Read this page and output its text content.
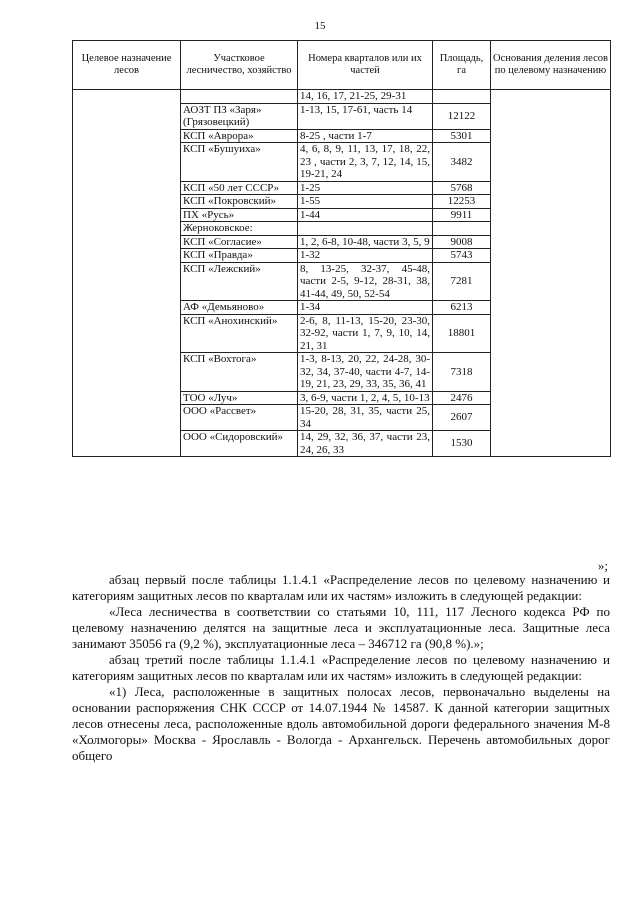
15
Целевое назначение лесов	Участковое лесничество, хозяйство	Номера кварталов или их частей	Площадь, га	Основания деления лесов по целевому назначению
		14, 16, 17, 21-25, 29-31		
	АОЗТ ПЗ «Заря» (Грязовецкий)	1-13, 15, 17-61, часть 14	12122	
	КСП «Аврора»	8-25 , части 1-7	5301	
	КСП «Бушуиха»	4, 6, 8, 9, 11, 13, 17, 18, 22, 23 , части 2, 3, 7, 12, 14, 15, 19-21, 24	3482	
	КСП «50 лет СССР»	1-25	5768	
	КСП «Покровский»	1-55	12253	
	ПХ «Русь»	1-44	9911	
	Жерноковское:			
	КСП «Согласие»	1, 2, 6-8, 10-48, части 3, 5, 9	9008	
	КСП «Правда»	1-32	5743	
	КСП «Лежский»	8, 13-25, 32-37, 45-48, части 2-5, 9-12, 28-31, 38, 41-44, 49, 50, 52-54	7281	
	АФ «Демьяново»	1-34	6213	
	КСП «Анохинский»	2-6, 8, 11-13, 15-20, 23-30, 32-92, части 1, 7, 9, 10, 14, 21, 31	18801	
	КСП «Вохтога»	1-3, 8-13, 20, 22, 24-28, 30-32, 34, 37-40, части 4-7, 14-19, 21, 23, 29, 33, 35, 36, 41	7318	
	ТОО «Луч»	3, 6-9, части 1, 2, 4, 5, 10-13	2476	
	ООО «Рассвет»	15-20, 28, 31, 35, части 25, 34	2607	
	ООО «Сидоровский»	14, 29, 32, 36, 37, части 23, 24, 26, 33	1530	
»;

абзац первый после таблицы 1.1.4.1 «Распределение лесов по целевому назначению и категориям защитных лесов по кварталам или их частям» изложить в следующей редакции:

«Леса лесничества в соответствии со статьями 10, 111, 117 Лесного кодекса РФ по целевому назначению делятся на защитные леса и эксплуатационные леса. Защитные леса занимают 35056 га (9,2 %), эксплуатационные леса – 346712 га (90,8 %).»;

абзац третий после таблицы 1.1.4.1 «Распределение лесов по целевому назначению и категориям защитных лесов по кварталам или их частям» изложить в следующей редакции:

«1) Леса, расположенные в защитных полосах лесов, первоначально выделены на основании распоряжения СНК СССР от 14.07.1944 № 14587. К данной категории защитных лесов отнесены леса, расположенные вдоль автомобильной дороги федерального значения М-8 «Холмогоры» Москва - Ярославль - Вологда - Архангельск. Перечень автомобильных дорог общего
